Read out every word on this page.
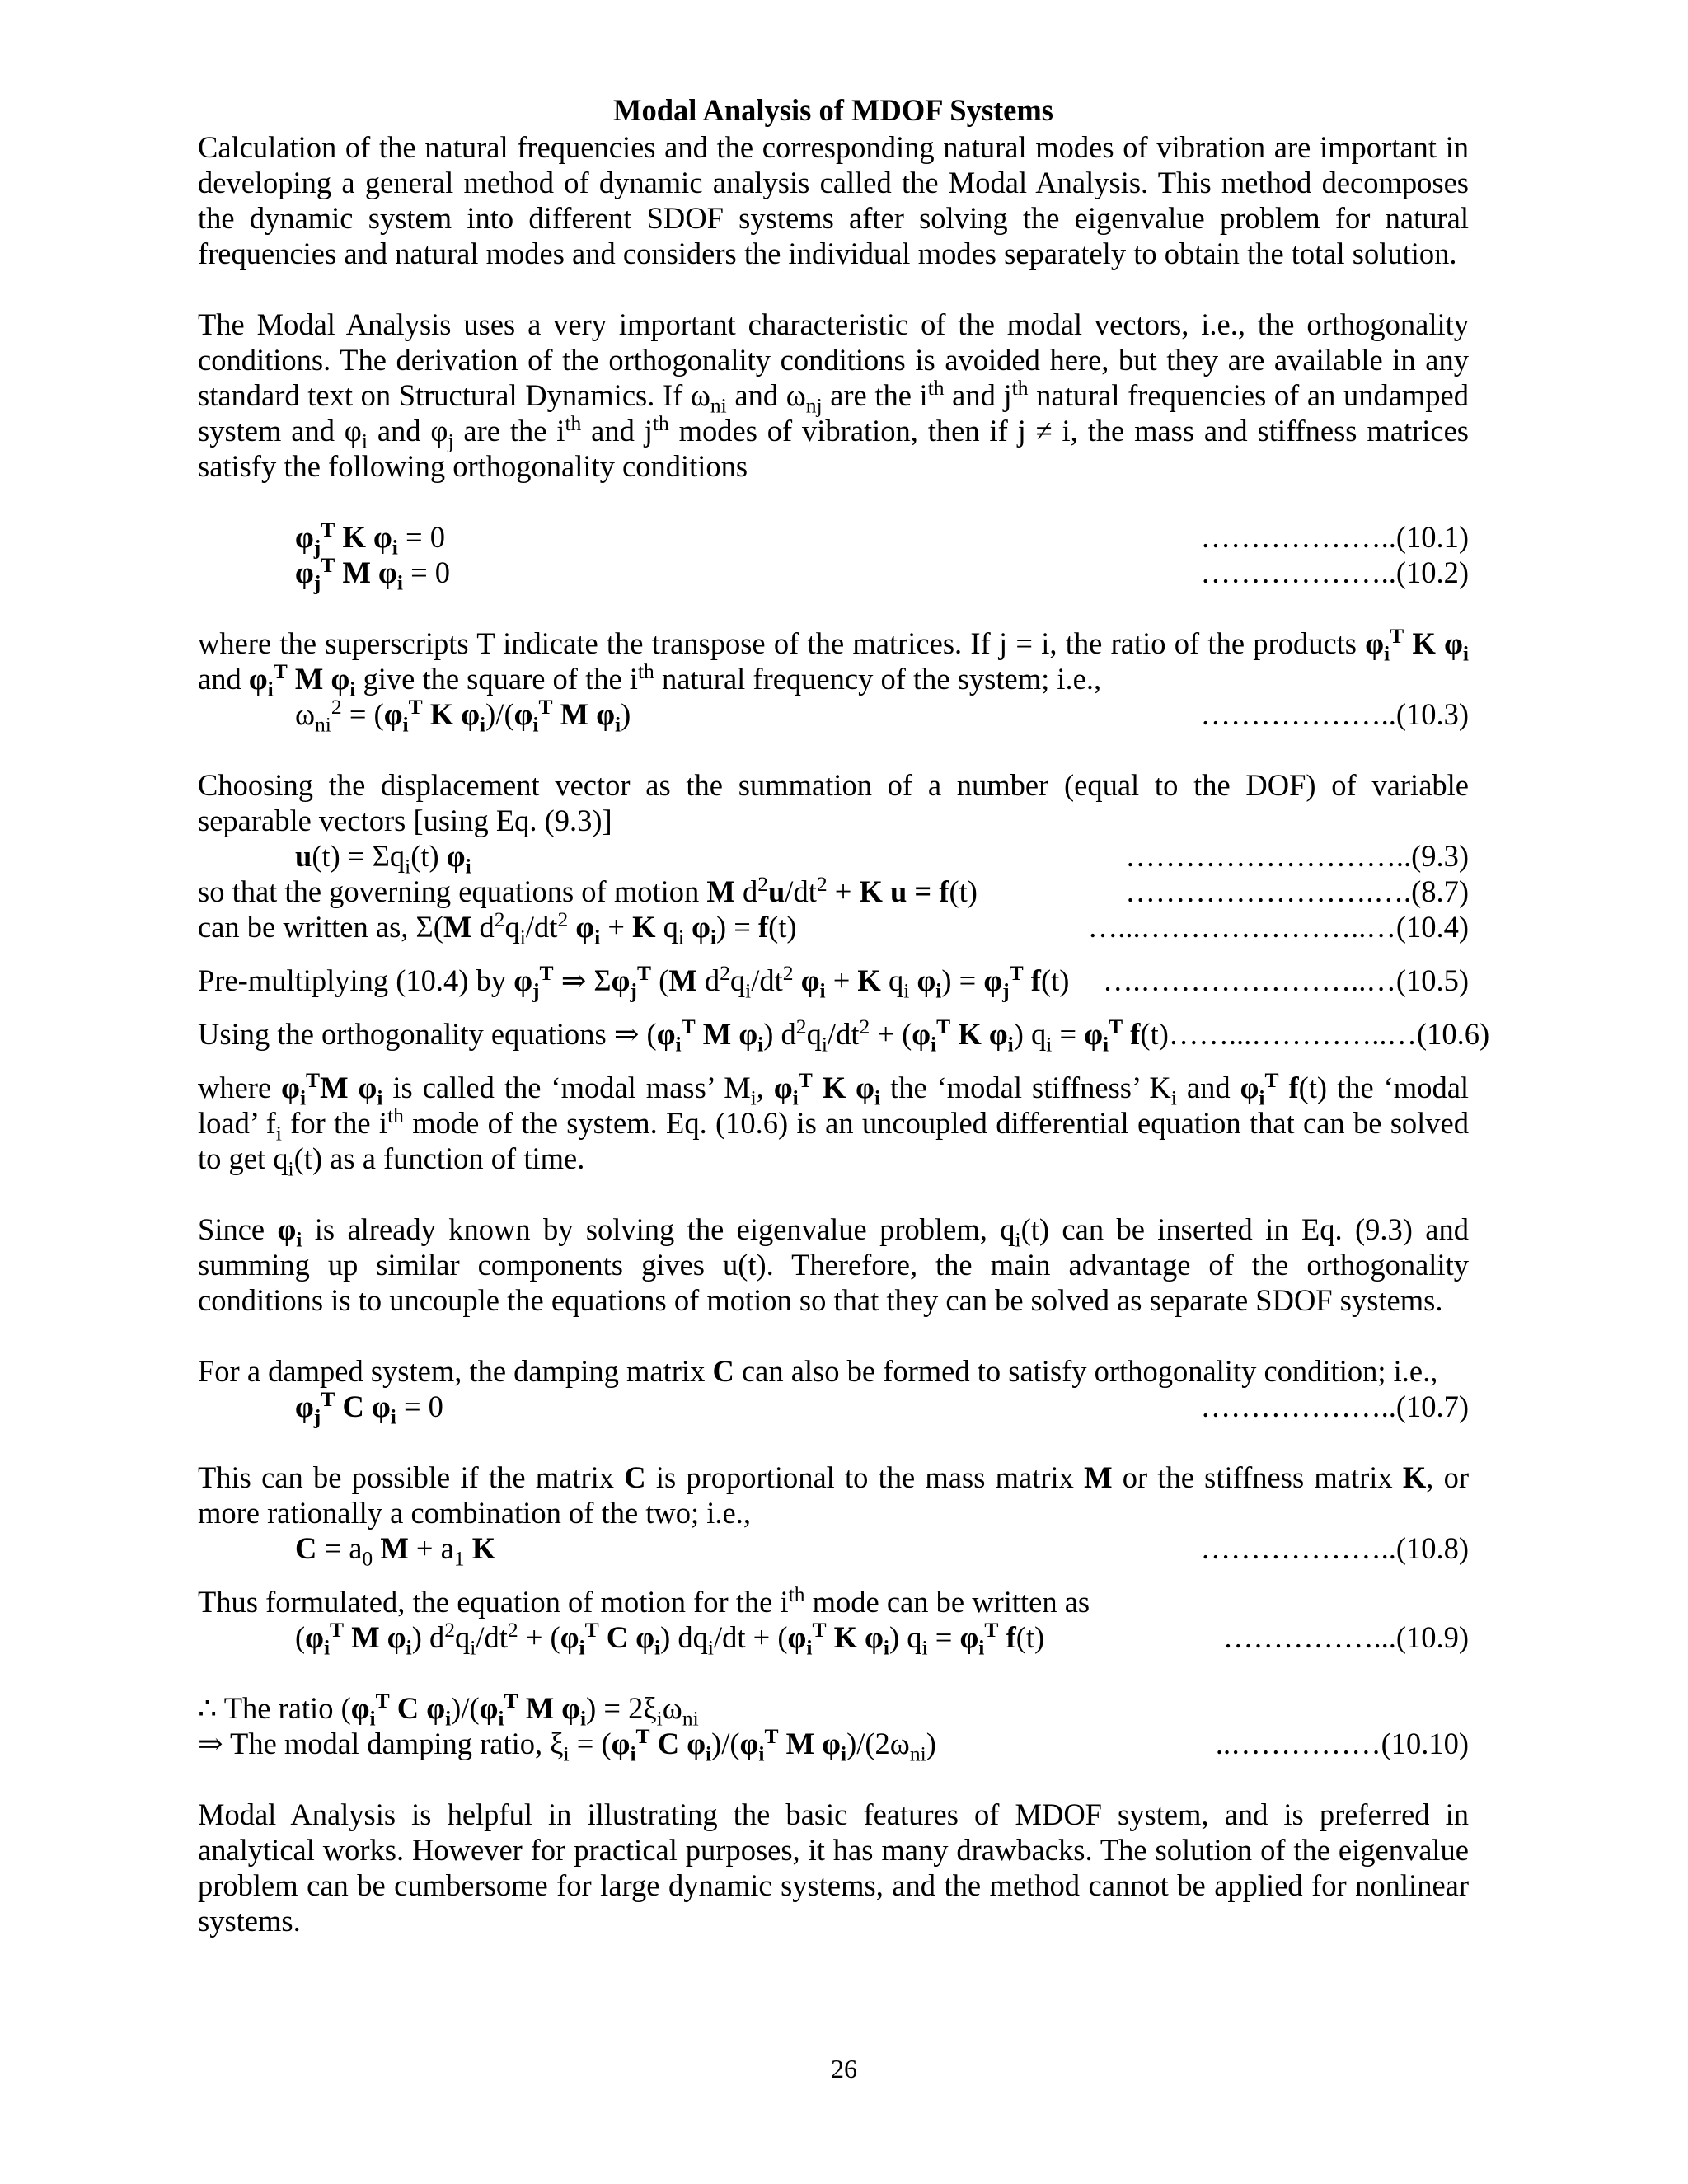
Modal Analysis of MDOF Systems

Calculation of the natural frequencies and the corresponding natural modes of vibration are important in developing a general method of dynamic analysis called the Modal Analysis. This method decomposes the dynamic system into different SDOF systems after solving the eigenvalue problem for natural frequencies and natural modes and considers the individual modes separately to obtain the total solution.

The Modal Analysis uses a very important characteristic of the modal vectors, i.e., the orthogonality conditions. The derivation of the orthogonality conditions is avoided here, but they are available in any standard text on Structural Dynamics. If $\omega_{ni}$ and $\omega_{nj}$ are the $i^{th}$ and $j^{th}$ natural frequencies of an undamped system and $\varphi_i$ and $\varphi_j$ are the $i^{th}$ and $j^{th}$ modes of vibration, then if j ≠ i, the mass and stiffness matrices satisfy the following orthogonality conditions

$\varphi_j^T$ K $\varphi_i = 0$	………………..(10.1)
$\varphi_j^T$ M $\varphi_i = 0$	………………..(10.2)

where the superscripts T indicate the transpose of the matrices. If j = i, the ratio of the products $\varphi_i^T$ K $\varphi_i$ and $\varphi_i^T$ M $\varphi_i$ give the square of the $i^{th}$ natural frequency of the system; i.e.,

$\omega_{ni}^2 = (\varphi_i^T$ K $\varphi_i)/(\varphi_i^T$ M $\varphi_i$)	………………..(10.3)

Choosing the displacement vector as the summation of a number (equal to the DOF) of variable separable vectors [using Eq. (9.3)]

$u(t) = \Sigma q_i(t)$ $\varphi_i$	………………………..(9.3)
so that the governing equations of motion M $d^2u/dt^2 + K$ u = f(t)	…………………….….(8.7)
can be written as, Σ(M $d^2q_i/dt^2$ $\varphi_i + K$ $q_i$ $\varphi_i) = f(t)$	…...…………………..…(10.4)
Pre-multiplying (10.4) by $\varphi_j^T$ ⇒ $\Sigma\varphi_j^T$ (M $d^2q_i/dt^2$ $\varphi_i + K$ $q_i$ $\varphi_i) = \varphi_j^T$ f(t) ….…………………..…(10.5)
Using the orthogonality equations ⇒ ($\varphi_i^T$ M $\varphi_i$) $d^2q_i/dt^2 + (\varphi_i^T$ K $\varphi_i$) $q_i = \varphi_i^T$ f(t) ……...…………..…(10.6)

where $\varphi_i^TM$ $\varphi_i$ is called the ‘modal mass’ $M_i$, $\varphi_i^T$ K $\varphi_i$ the ‘modal stiffness’ $K_i$ and $\varphi_i^T$ f(t) the ‘modal load’ $f_i$ for the $i^{th}$ mode of the system. Eq. (10.6) is an uncoupled differential equation that can be solved to get $q_i(t)$ as a function of time.

Since $\varphi_i$ is already known by solving the eigenvalue problem, $q_i(t)$ can be inserted in Eq. (9.3) and summing up similar components gives u(t). Therefore, the main advantage of the orthogonality conditions is to uncouple the equations of motion so that they can be solved as separate SDOF systems.

For a damped system, the damping matrix C can also be formed to satisfy orthogonality condition; i.e.,

$\varphi_j^T$ C $\varphi_i = 0$	………………..(10.7)

This can be possible if the matrix C is proportional to the mass matrix M or the stiffness matrix K, or more rationally a combination of the two; i.e.,

$C = a_0$ $M + a_1$ K	………………..(10.8)

Thus formulated, the equation of motion for the $i^{th}$ mode can be written as

($\varphi_i^T$ M $\varphi_i$) $d^2q_i/dt^2 + (\varphi_i^T$ C $\varphi_i$) $dq_i/dt + (\varphi_i^T$ K $\varphi_i$) $q_i = \varphi_i^T$ f(t)	……………...(10.9)
∴ The ratio ($\varphi_i^T$ C $\varphi_i)/(\varphi_i^T$ M $\varphi_i) = 2\xi_i\omega_{ni}$
⇒ The modal damping ratio, $\xi_i = (\varphi_i^T$ C $\varphi_i)/(\varphi_i^T$ M $\varphi_i)/(2\omega_{ni})$	..……………(10.10)

Modal Analysis is helpful in illustrating the basic features of MDOF system, and is preferred in analytical works. However for practical purposes, it has many drawbacks. The solution of the eigenvalue problem can be cumbersome for large dynamic systems, and the method cannot be applied for nonlinear systems.

26
